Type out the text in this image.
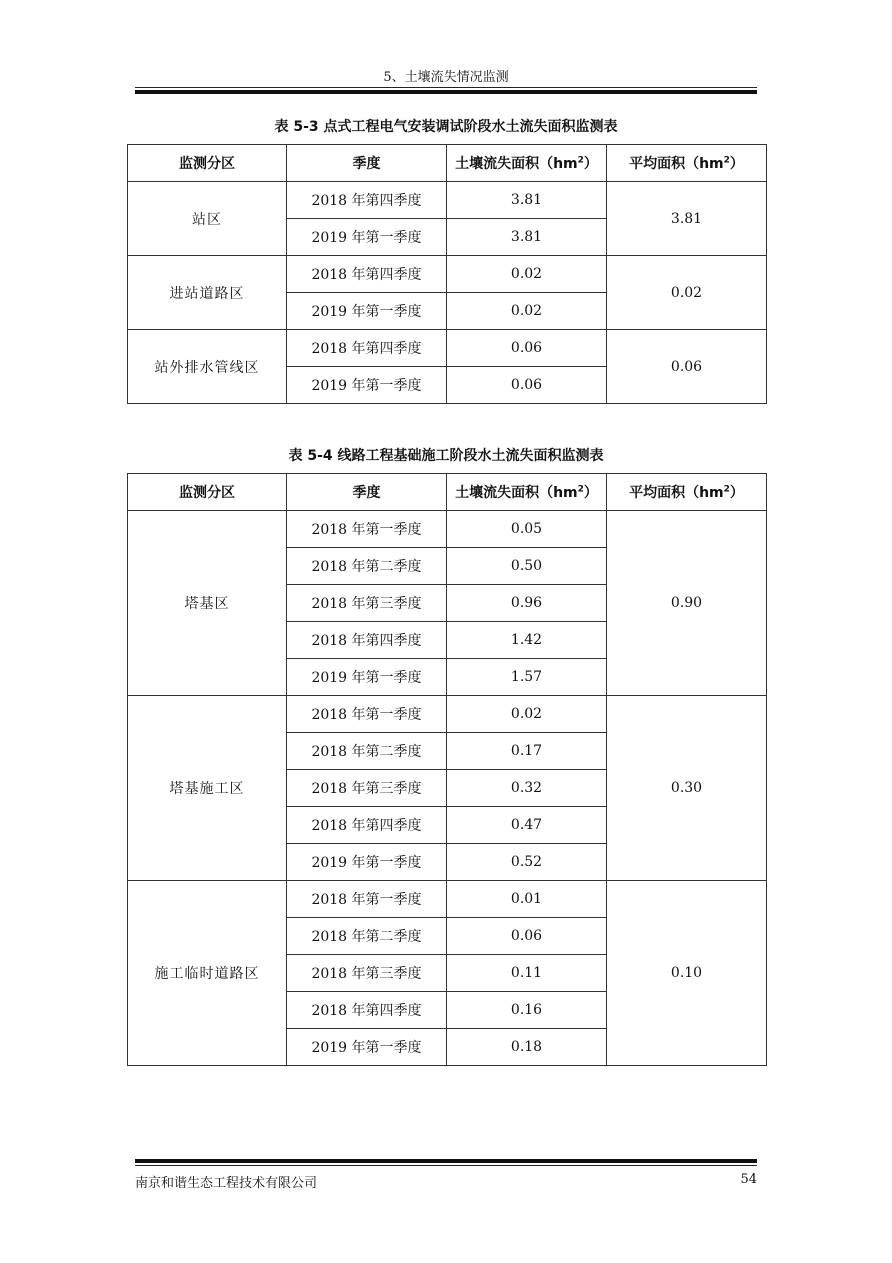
5、土壤流失情况监测
表 5-3 点式工程电气安装调试阶段水土流失面积监测表
监测分区	季度	土壤流失面积$(hm^2)$	平均面积$(hm^2)$
站区	2018 年第四季度	3.81	3.81
	2019 年第一季度	3.81	
进站道路区	2018 年第四季度	0.02	0.02
	2019 年第一季度	0.02	
站外排水管线区	2018 年第四季度	0.06	0.06
	2019 年第一季度	0.06	
表 5-4 线路工程基础施工阶段水土流失面积监测表
监测分区	季度	土壤流失面积$(hm^2)$	平均面积$(hm^2)$
塔基区	2018 年第一季度	0.05	0.90
	2018 年第二季度	0.50	
	2018 年第三季度	0.96	
	2018 年第四季度	1.42	
	2019 年第一季度	1.57	
塔基施工区	2018 年第一季度	0.02	0.30
	2018 年第二季度	0.17	
	2018 年第三季度	0.32	
	2018 年第四季度	0.47	
	2019 年第一季度	0.52	
施工临时道路区	2018 年第一季度	0.01	0.10
	2018 年第二季度	0.06	
	2018 年第三季度	0.11	
	2018 年第四季度	0.16	
	2019 年第一季度	0.18	
南京和谐生态工程技术有限公司	54
